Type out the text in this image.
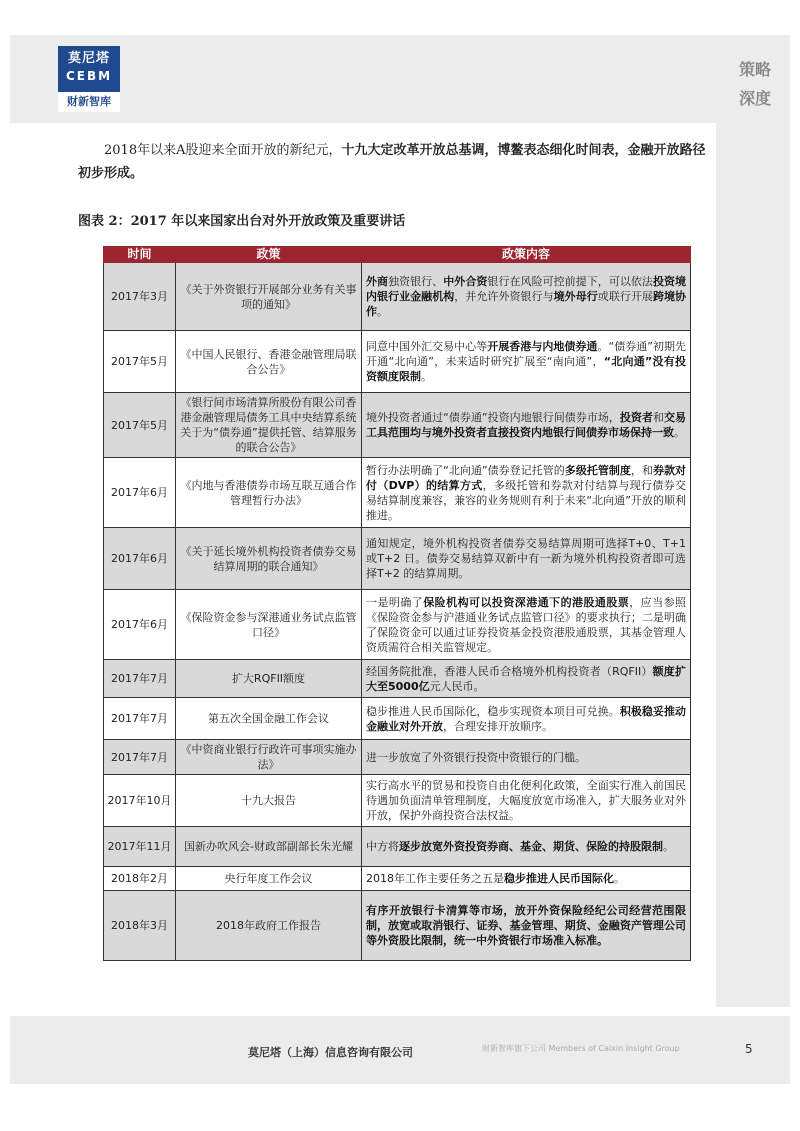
莫尼塔
CEBM
财新智库
策略
深度

2018年以来A股迎来全面开放的新纪元，十九大定改革开放总基调，博鳌表态细化时间表，金融开放路径初步形成。

图表 2：2017 年以来国家出台对外开放政策及重要讲话
时间	政策	政策内容
2017年3月	《关于外资银行开展部分业务有关事项的通知》	外商独资银行、中外合资银行在风险可控前提下，可以依法投资境内银行业金融机构，并允许外资银行与境外母行或联行开展跨境协作。
2017年5月	《中国人民银行、香港金融管理局联合公告》	同意中国外汇交易中心等开展香港与内地债券通。“债券通”初期先开通“北向通”，未来适时研究扩展至“南向通”，“北向通”没有投资额度限制。
2017年5月	《银行间市场清算所股份有限公司香港金融管理局债务工具中央结算系统关于为“债券通”提供托管、结算服务的联合公告》	境外投资者通过“债券通”投资内地银行间债券市场，投资者和交易工具范围均与境外投资者直接投资内地银行间债券市场保持一致。
2017年6月	《内地与香港债券市场互联互通合作管理暂行办法》	暂行办法明确了“北向通”债券登记托管的多级托管制度，和券款对付（DVP）的结算方式，多级托管和券款对付结算与现行债券交易结算制度兼容，兼容的业务规则有利于未来“北向通”开放的顺利推进。
2017年6月	《关于延长境外机构投资者债券交易结算周期的联合通知》	通知规定，境外机构投资者债券交易结算周期可选择T+0、T+1 或T+2 日。债券交易结算双新中有一新为境外机构投资者即可选择T+2 的结算周期。
2017年6月	《保险资金参与深港通业务试点监管口径》	一是明确了保险机构可以投资深港通下的港股通股票，应当参照《保险资金参与沪港通业务试点监管口径》的要求执行；二是明确了保险资金可以通过证券投资基金投资港股通股票，其基金管理人资质需符合相关监管规定。
2017年7月	扩大RQFII额度	经国务院批准，香港人民币合格境外机构投资者（RQFII）额度扩大至5000亿元人民币。
2017年7月	第五次全国金融工作会议	稳步推进人民币国际化，稳步实现资本项目可兑换。积极稳妥推动金融业对外开放，合理安排开放顺序。
2017年7月	《中资商业银行行政许可事项实施办法》	进一步放宽了外资银行投资中资银行的门槛。
2017年10月	十九大报告	实行高水平的贸易和投资自由化便利化政策，全面实行准入前国民待遇加负面清单管理制度，大幅度放宽市场准入，扩大服务业对外开放，保护外商投资合法权益。
2017年11月	国新办吹风会-财政部副部长朱光耀	中方将逐步放宽外资投资券商、基金、期货、保险的持股限制。
2018年2月	央行年度工作会议	2018年工作主要任务之五是稳步推进人民币国际化。
2018年3月	2018年政府工作报告	有序开放银行卡清算等市场，放开外资保险经纪公司经营范围限制，放宽或取消银行、证券、基金管理、期货、金融资产管理公司等外资股比限制，统一中外资银行市场准入标准。
莫尼塔（上海）信息咨询有限公司	财新智库旗下公司 Members of Caixin Insight Group	5
